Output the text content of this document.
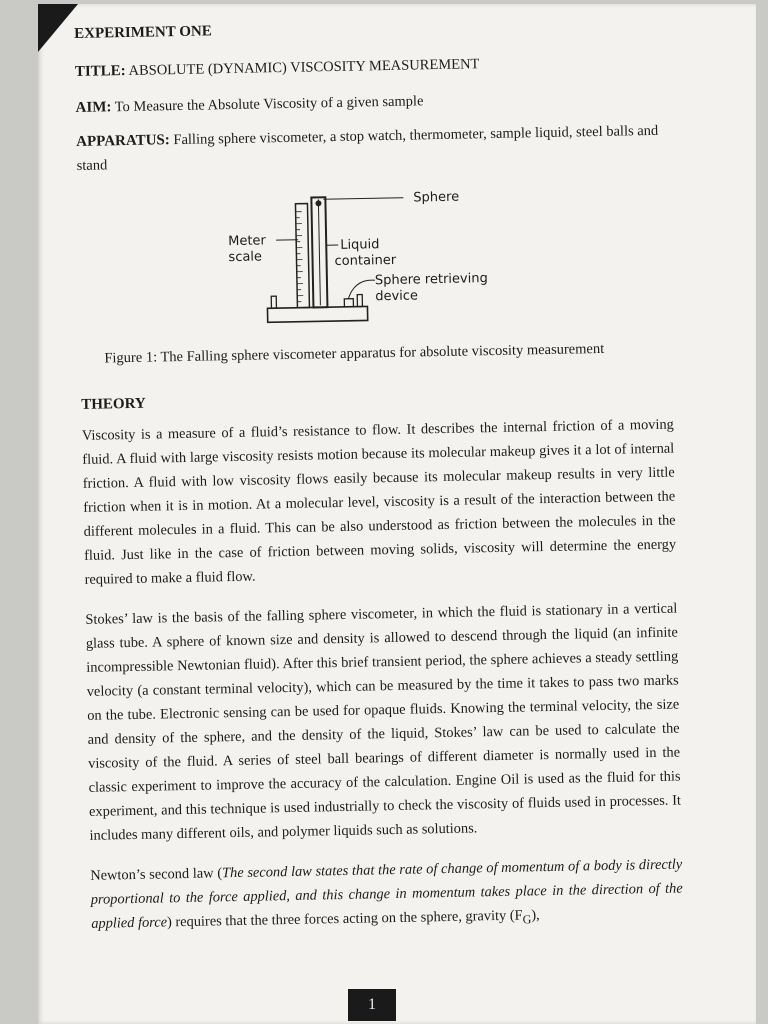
EXPERIMENT ONE

TITLE: ABSOLUTE (DYNAMIC) VISCOSITY MEASUREMENT

AIM: To Measure the Absolute Viscosity of a given sample

APPARATUS: Falling sphere viscometer, a stop watch, thermometer, sample liquid, steel balls and stand

Sphere
Meter
scale
Liquid
container
Sphere retrieving
device

Figure 1: The Falling sphere viscometer apparatus for absolute viscosity measurement

THEORY

Viscosity is a measure of a fluid’s resistance to flow. It describes the internal friction of a moving fluid. A fluid with large viscosity resists motion because its molecular makeup gives it a lot of internal friction. A fluid with low viscosity flows easily because its molecular makeup results in very little friction when it is in motion. At a molecular level, viscosity is a result of the interaction between the different molecules in a fluid. This can be also understood as friction between the molecules in the fluid. Just like in the case of friction between moving solids, viscosity will determine the energy required to make a fluid flow.

Stokes’ law is the basis of the falling sphere viscometer, in which the fluid is stationary in a vertical glass tube. A sphere of known size and density is allowed to descend through the liquid (an infinite incompressible Newtonian fluid). After this brief transient period, the sphere achieves a steady settling velocity (a constant terminal velocity), which can be measured by the time it takes to pass two marks on the tube. Electronic sensing can be used for opaque fluids. Knowing the terminal velocity, the size and density of the sphere, and the density of the liquid, Stokes’ law can be used to calculate the viscosity of the fluid. A series of steel ball bearings of different diameter is normally used in the classic experiment to improve the accuracy of the calculation. Engine Oil is used as the fluid for this experiment, and this technique is used industrially to check the viscosity of fluids used in processes. It includes many different oils, and polymer liquids such as solutions.

Newton’s second law (The second law states that the rate of change of momentum of a body is directly proportional to the force applied, and this change in momentum takes place in the direction of the applied force) requires that the three forces acting on the sphere, gravity $(F_G)$,

1
